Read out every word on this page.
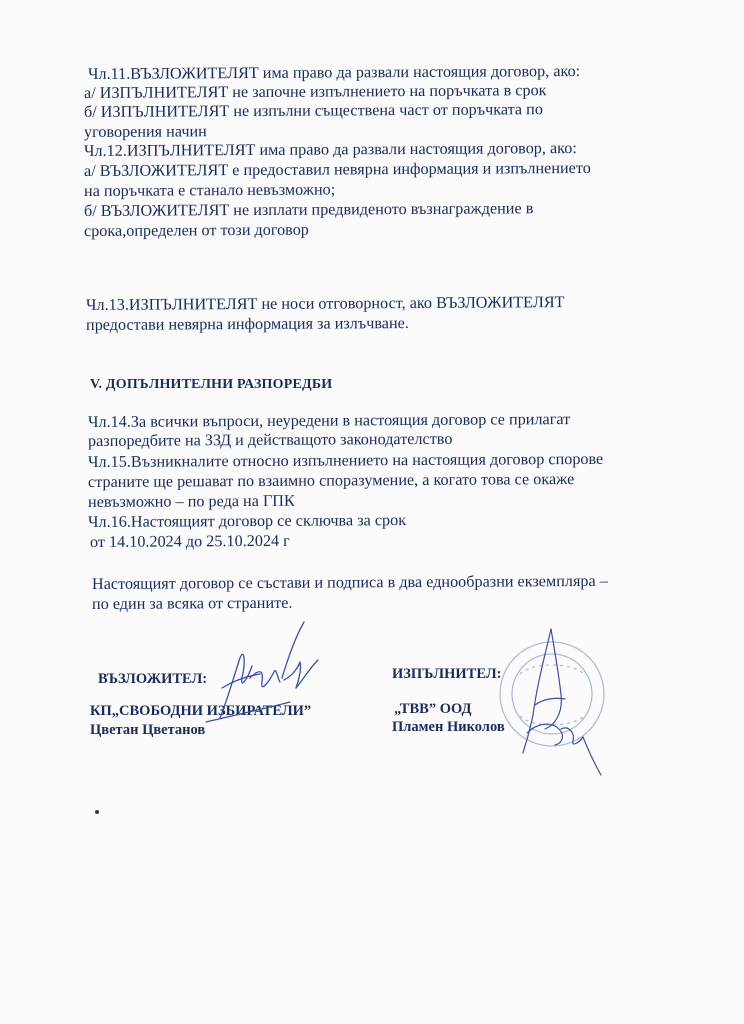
Чл.11.ВЪЗЛОЖИТЕЛЯТ има право да развали настоящия договор, ако:
а/ ИЗПЪЛНИТЕЛЯТ не започне изпълнението на поръчката в срок
б/ ИЗПЪЛНИТЕЛЯТ не изпълни съществена част от поръчката по
уговорения начин
Чл.12.ИЗПЪЛНИТЕЛЯТ има право да развали настоящия договор, ако:
а/ ВЪЗЛОЖИТЕЛЯТ е предоставил невярна информация и изпълнението
на поръчката е станало невъзможно;
б/ ВЪЗЛОЖИТЕЛЯТ не изплати предвиденото възнаграждение в
срока,определен от този договор
Чл.13.ИЗПЪЛНИТЕЛЯТ не носи отговорност, ако ВЪЗЛОЖИТЕЛЯТ
предостави невярна информация за излъчване.
V. ДОПЪЛНИТЕЛНИ РАЗПОРЕДБИ
Чл.14.За всички въпроси, неуредени в настоящия договор се прилагат
разпоредбите на ЗЗД и действащото законодателство
Чл.15.Възникналите относно изпълнението на настоящия договор спорове
страните ще решават по взаимно споразумение, а когато това се окаже
невъзможно – по реда на ГПК
Чл.16.Настоящият договор се сключва за срок
от 14.10.2024 до 25.10.2024 г
Настоящият договор се състави и подписа в два еднообразни екземпляра –
по един за всяка от страните.
ВЪЗЛОЖИТЕЛ:
КП„СВОБОДНИ ИЗБИРАТЕЛИ”
Цветан Цветанов
ИЗПЪЛНИТЕЛ:
„ТВВ” ООД
Пламен Николов
